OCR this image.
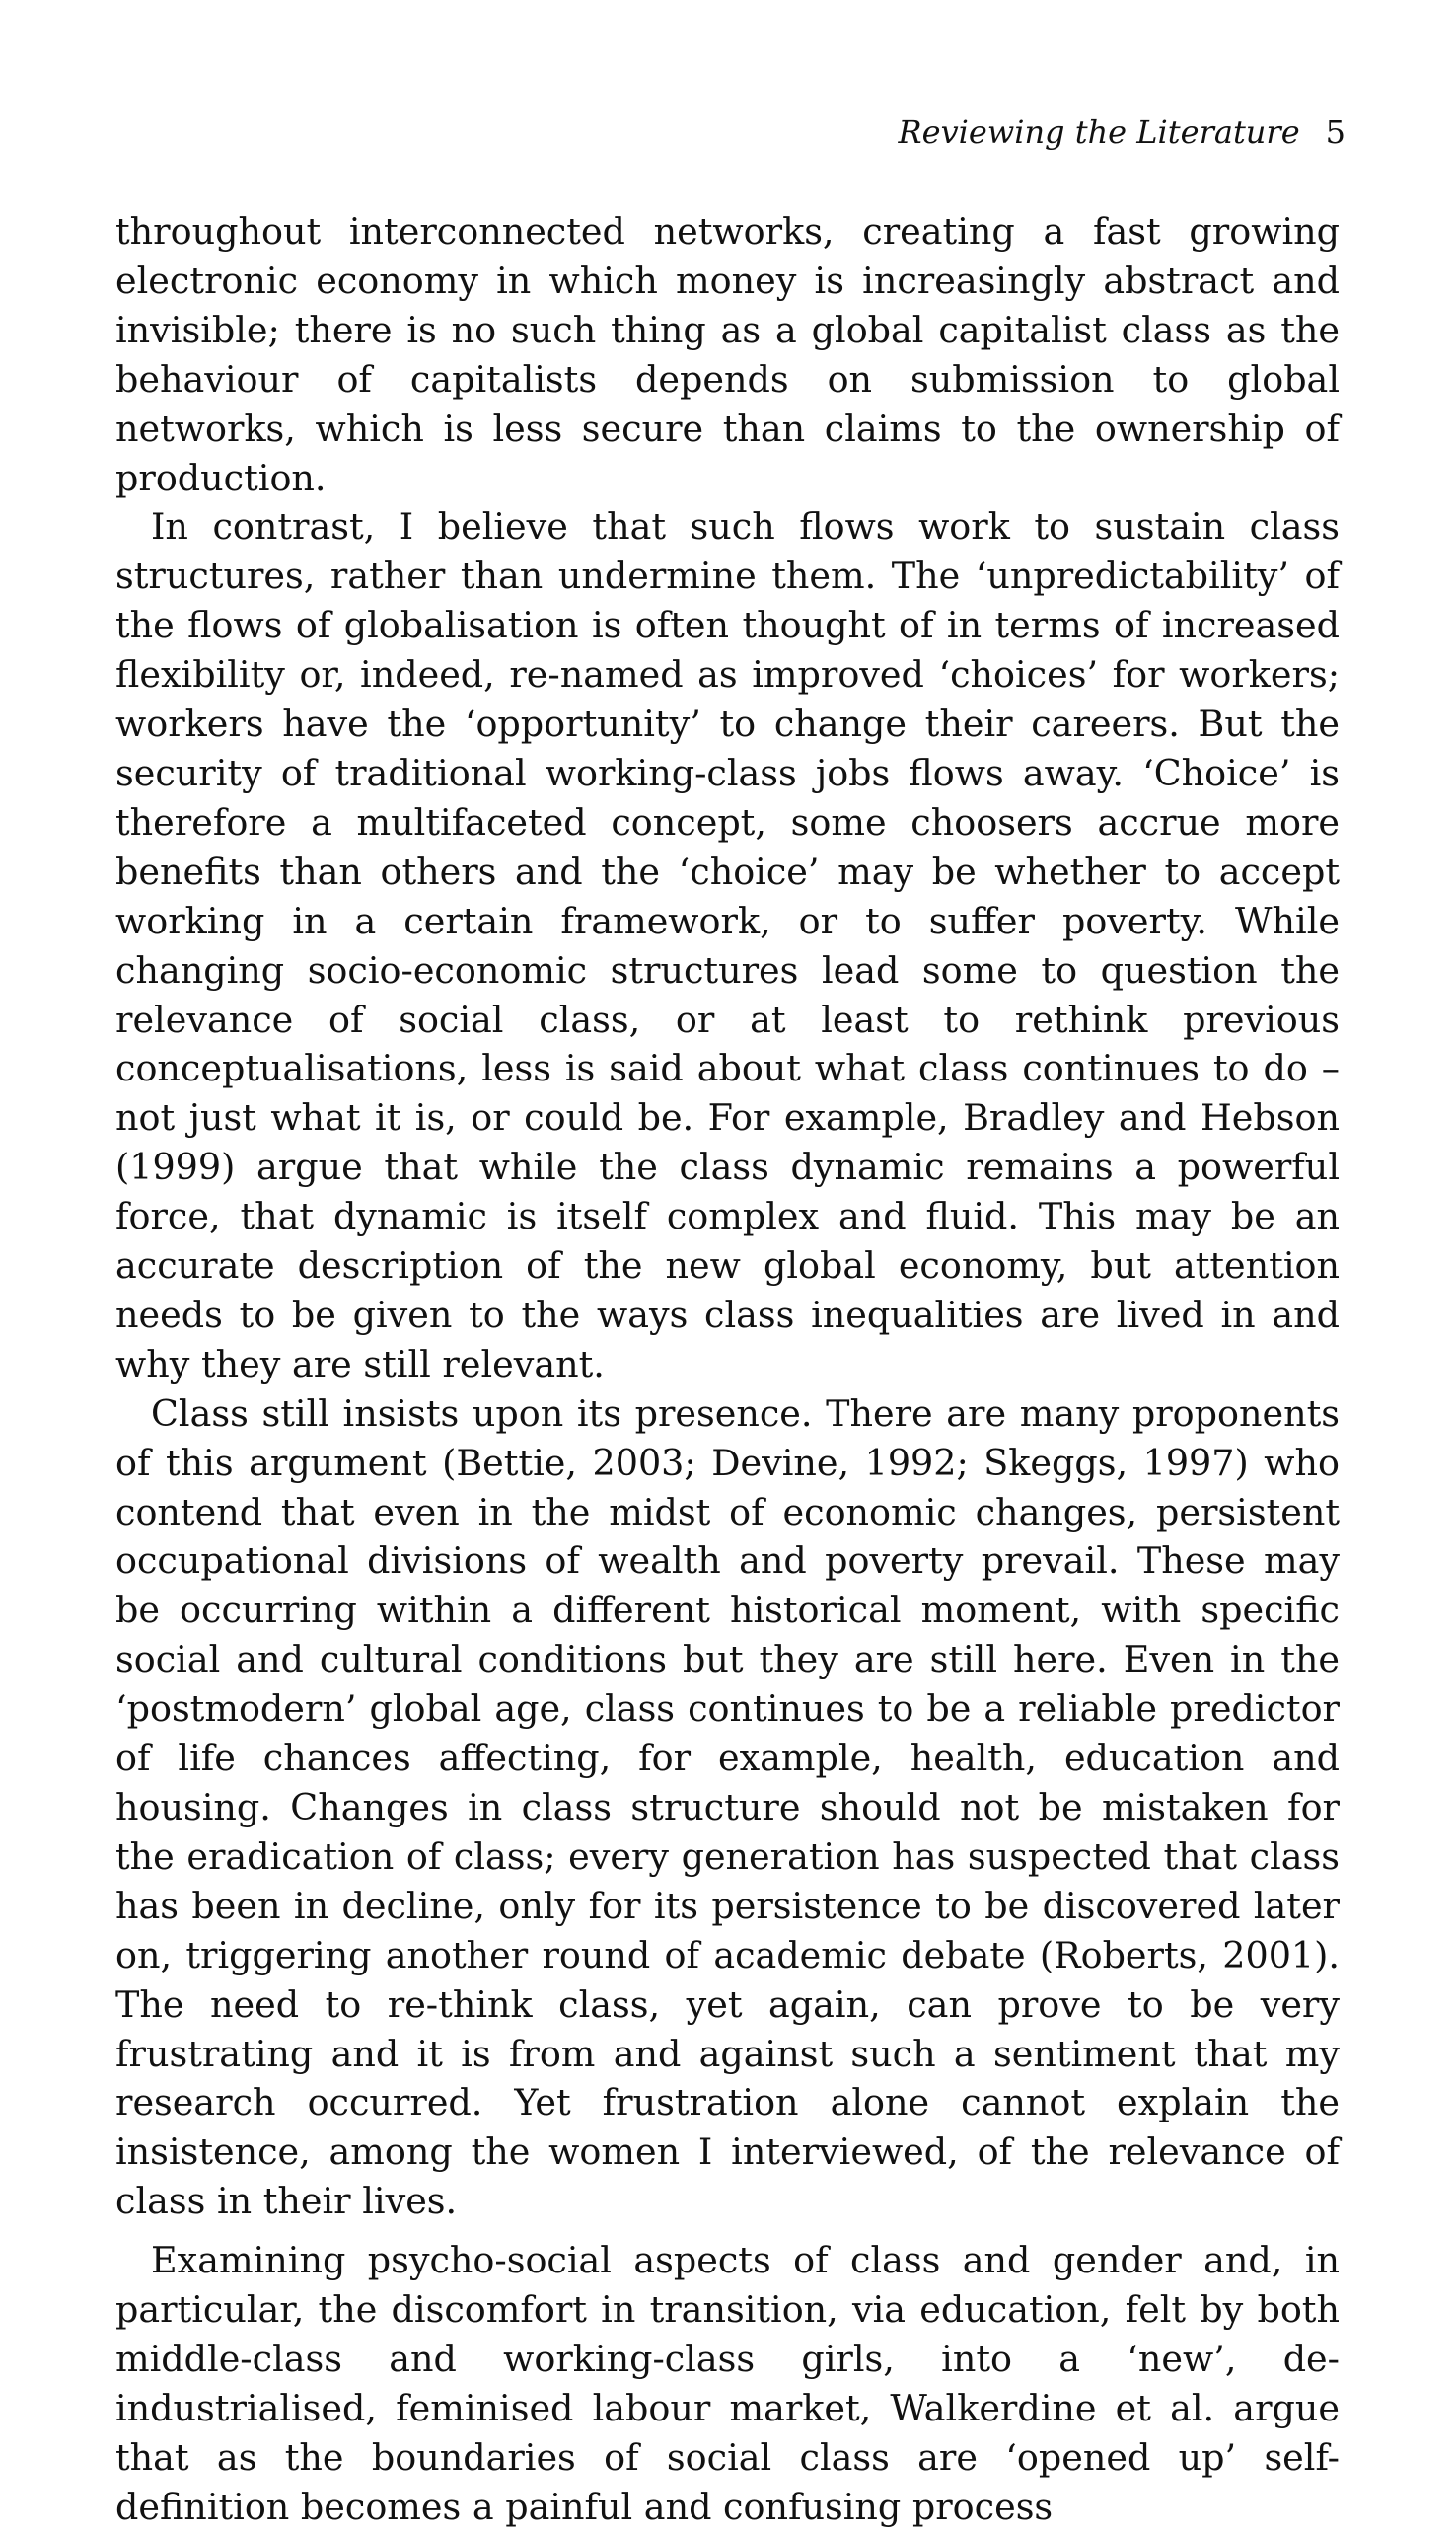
Reviewing the Literature 5

throughout interconnected networks, creating a fast growing electronic economy in which money is increasingly abstract and invisible; there is no such thing as a global capitalist class as the behaviour of capitalists depends on submission to global networks, which is less secure than claims to the ownership of production.

In contrast, I believe that such flows work to sustain class structures, rather than undermine them. The ‘unpredictability’ of the flows of globalisation is often thought of in terms of increased flexibility or, indeed, re-named as improved ‘choices’ for workers; workers have the ‘opportunity’ to change their careers. But the security of traditional working-class jobs flows away. ‘Choice’ is therefore a multifaceted concept, some choosers accrue more benefits than others and the ‘choice’ may be whether to accept working in a certain framework, or to suffer poverty. While changing socio-economic structures lead some to question the relevance of social class, or at least to rethink previous conceptualisations, less is said about what class continues to do – not just what it is, or could be. For example, Bradley and Hebson (1999) argue that while the class dynamic remains a powerful force, that dynamic is itself complex and fluid. This may be an accurate description of the new global economy, but attention needs to be given to the ways class inequalities are lived in and why they are still relevant.

Class still insists upon its presence. There are many proponents of this argument (Bettie, 2003; Devine, 1992; Skeggs, 1997) who contend that even in the midst of economic changes, persistent occupational divisions of wealth and poverty prevail. These may be occurring within a different historical moment, with specific social and cultural conditions but they are still here. Even in the ‘postmodern’ global age, class continues to be a reliable predictor of life chances affecting, for example, health, education and housing. Changes in class structure should not be mistaken for the eradication of class; every generation has suspected that class has been in decline, only for its persistence to be discovered later on, triggering another round of academic debate (Roberts, 2001). The need to re-think class, yet again, can prove to be very frustrating and it is from and against such a sentiment that my research occurred. Yet frustration alone cannot explain the insistence, among the women I interviewed, of the relevance of class in their lives.

Examining psycho-social aspects of class and gender and, in particular, the discomfort in transition, via education, felt by both middle-class and working-class girls, into a ‘new’, de-industrialised, feminised labour market, Walkerdine et al. argue that as the boundaries of social class are ‘opened up’ self-definition becomes a painful and confusing process
